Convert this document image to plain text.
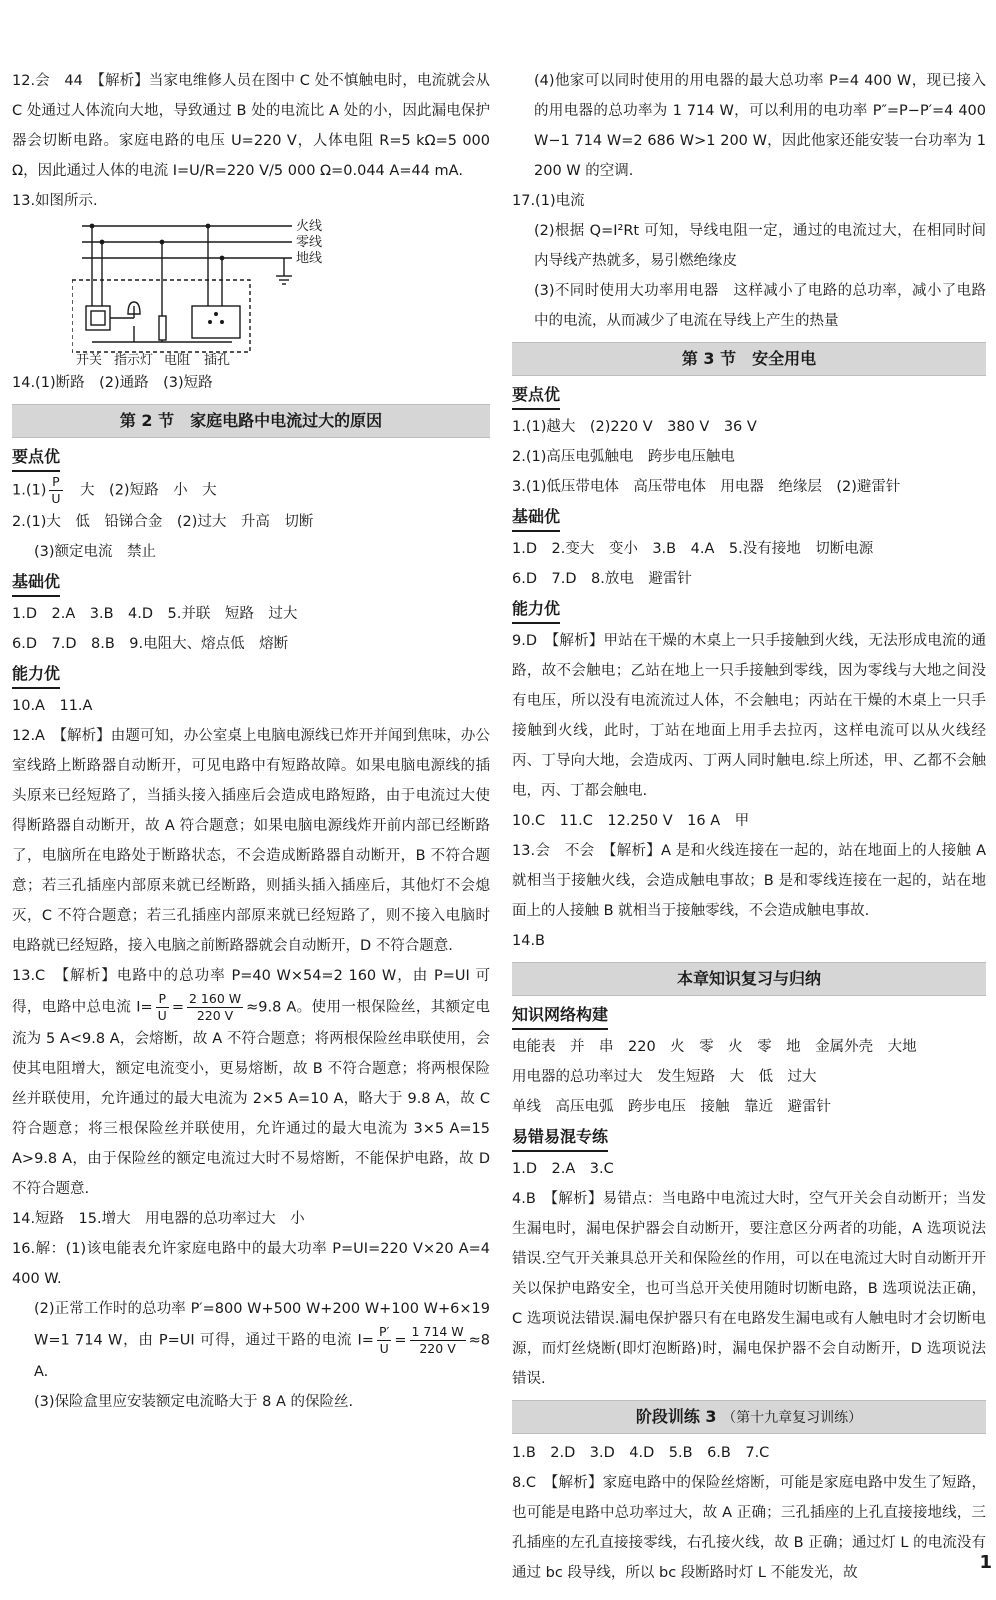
12.会　44　【解析】当家电维修人员在图中 C 处不慎触电时，电流就会从 C 处通过人体流向大地，导致通过 B 处的电流比 A 处的小，因此漏电保护器会切断电路。家庭电路的电压 U=220 V，人体电阻 R=5 kΩ=5 000 Ω，因此通过人体的电流 I=U/R=220 V/5 000 Ω=0.044 A=44 mA.

13.如图所示.

火线
零线
地线
开关 指示灯 电阻 插孔

14.(1)断路　(2)通路　(3)短路

第 2 节　家庭电路中电流过大的原因
要点优

$1.(1) \frac{P}{U}$ 　大　(2)短路　小　大

2.(1)大　低　铅锑合金　(2)过大　升高　切断

(3)额定电流　禁止

基础优

1.D　2.A　3.B　4.D　5.并联　短路　过大

6.D　7.D　8.B　9.电阻大、熔点低　熔断

能力优

10.A　11.A

12.A　【解析】由题可知，办公室桌上电脑电源线已炸开并闻到焦味，办公室线路上断路器自动断开，可见电路中有短路故障。如果电脑电源线的插头原来已经短路了，当插头接入插座后会造成电路短路，由于电流过大使得断路器自动断开，故 A 符合题意；如果电脑电源线炸开前内部已经断路了，电脑所在电路处于断路状态，不会造成断路器自动断开，B 不符合题意；若三孔插座内部原来就已经断路，则插头插入插座后，其他灯不会熄灭，C 不符合题意；若三孔插座内部原来就已经短路了，则不接入电脑时电路就已经短路，接入电脑之前断路器就会自动断开，D 不符合题意.

13.C　【解析】电路中的总功率 P=40 W×54=2 160 W，由 P=UI 可得，电路中总电流 $I= \frac{P}{U} = \frac{2 160 W}{220 V} \approx 9.8$ A。使用一根保险丝，其额定电流为 5 A<9.8 A，会熔断，故 A 不符合题意；将两根保险丝串联使用，会使其电阻增大，额定电流变小，更易熔断，故 B 不符合题意；将两根保险丝并联使用，允许通过的最大电流为 2×5 A=10 A，略大于 9.8 A，故 C 符合题意；将三根保险丝并联使用，允许通过的最大电流为 3×5 A=15 A>9.8 A，由于保险丝的额定电流过大时不易熔断，不能保护电路，故 D 不符合题意.

14.短路　15.增大　用电器的总功率过大　小

16.解：(1)该电能表允许家庭电路中的最大功率 P=UI=220 V×20 A=4 400 W.

(2)正常工作时的总功率 P′=800 W+500 W+200 W+100 W+6×19 W=1 714 W，由 P=UI 可得，通过干路的电流 $I= \frac{P'}{U} = \frac{1 714 W}{220 V} \approx 8$ A.

(3)保险盒里应安装额定电流略大于 8 A 的保险丝.

(4)他家可以同时使用的用电器的最大总功率 P=4 400 W，现已接入的用电器的总功率为 1 714 W，可以利用的电功率 P″=P−P′=4 400 W−1 714 W=2 686 W>1 200 W，因此他家还能安装一台功率为 1 200 W 的空调.

17.(1)电流

(2)根据 Q=I²Rt 可知，导线电阻一定，通过的电流过大，在相同时间内导线产热就多，易引燃绝缘皮

(3)不同时使用大功率用电器　这样减小了电路的总功率，减小了电路中的电流，从而减少了电流在导线上产生的热量

第 3 节　安全用电
要点优

1.(1)越大　(2)220 V　380 V　36 V

2.(1)高压电弧触电　跨步电压触电

3.(1)低压带电体　高压带电体　用电器　绝缘层　(2)避雷针

基础优

1.D　2.变大　变小　3.B　4.A　5.没有接地　切断电源

6.D　7.D　8.放电　避雷针

能力优

9.D　【解析】甲站在干燥的木桌上一只手接触到火线，无法形成电流的通路，故不会触电；乙站在地上一只手接触到零线，因为零线与大地之间没有电压，所以没有电流流过人体，不会触电；丙站在干燥的木桌上一只手接触到火线，此时，丁站在地面上用手去拉丙，这样电流可以从火线经丙、丁导向大地，会造成丙、丁两人同时触电.综上所述，甲、乙都不会触电，丙、丁都会触电.

10.C　11.C　12.250 V　16 A　甲

13.会　不会　【解析】A 是和火线连接在一起的，站在地面上的人接触 A 就相当于接触火线，会造成触电事故；B 是和零线连接在一起的，站在地面上的人接触 B 就相当于接触零线，不会造成触电事故.

14.B

本章知识复习与归纳
知识网络构建

电能表　并　串　220　火　零　火　零　地　金属外壳　大地

用电器的总功率过大　发生短路　大　低　过大

单线　高压电弧　跨步电压　接触　靠近　避雷针

易错易混专练

1.D　2.A　3.C

4.B　【解析】易错点：当电路中电流过大时，空气开关会自动断开；当发生漏电时，漏电保护器会自动断开，要注意区分两者的功能，A 选项说法错误.空气开关兼具总开关和保险丝的作用，可以在电流过大时自动断开开关以保护电路安全，也可当总开关使用随时切断电路，B 选项说法正确，C 选项说法错误.漏电保护器只有在电路发生漏电或有人触电时才会切断电源，而灯丝烧断(即灯泡断路)时，漏电保护器不会自动断开，D 选项说法错误.

阶段训练 3 （第十九章复习训练）

1.B　2.D　3.D　4.D　5.B　6.B　7.C

8.C　【解析】家庭电路中的保险丝熔断，可能是家庭电路中发生了短路，也可能是电路中总功率过大，故 A 正确；三孔插座的上孔直接接地线，三孔插座的左孔直接接零线，右孔接火线，故 B 正确；通过灯 L 的电流没有通过 bc 段导线，所以 bc 段断路时灯 L 不能发光，故	1
